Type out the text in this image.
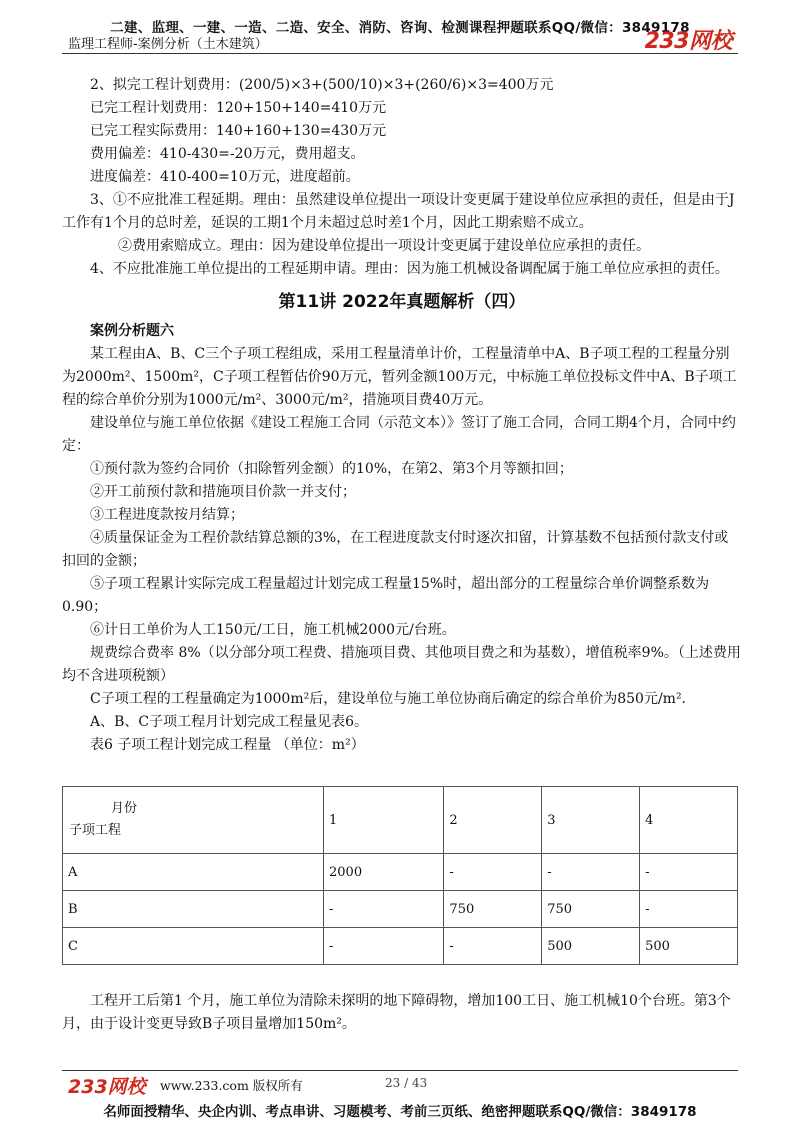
二建、监理、一建、一造、二造、安全、消防、咨询、检测课程押题联系QQ/微信：3849178
监理工程师-案例分析（土木建筑）	233网校

2、拟完工程计划费用：(200/5)×3+(500/10)×3+(260/6)×3=400万元

已完工程计划费用：120+150+140=410万元

已完工程实际费用：140+160+130=430万元

费用偏差：410-430=-20万元，费用超支。

进度偏差：410-400=10万元，进度超前。

3、①不应批准工程延期。理由：虽然建设单位提出一项设计变更属于建设单位应承担的责任，但是由于J工作有1个月的总时差，延误的工期1个月未超过总时差1个月，因此工期索赔不成立。

②费用索赔成立。理由：因为建设单位提出一项设计变更属于建设单位应承担的责任。

4、不应批准施工单位提出的工程延期申请。理由：因为施工机械设备调配属于施工单位应承担的责任。

第11讲 2022年真题解析（四）

案例分析题六

某工程由A、B、C三个子项工程组成，采用工程量清单计价，工程量清单中A、B子项工程的工程量分别为2000m²、1500m²，C子项工程暂估价90万元，暂列金额100万元，中标施工单位投标文件中A、B子项工程的综合单价分别为1000元/m²、3000元/m²，措施项目费40万元。

建设单位与施工单位依据《建设工程施工合同（示范文本）》签订了施工合同，合同工期4个月，合同中约定：

①预付款为签约合同价（扣除暂列金额）的10%，在第2、第3个月等额扣回；

②开工前预付款和措施项目价款一并支付；

③工程进度款按月结算；

④质量保证金为工程价款结算总额的3%，在工程进度款支付时逐次扣留，计算基数不包括预付款支付或扣回的金额；

⑤子项工程累计实际完成工程量超过计划完成工程量15%时，超出部分的工程量综合单价调整系数为0.90；

⑥计日工单价为人工150元/工日，施工机械2000元/台班。

规费综合费率 8%（以分部分项工程费、措施项目费、其他项目费之和为基数），增值税率9%。（上述费用均不含进项税额）

C子项工程的工程量确定为1000m²后，建设单位与施工单位协商后确定的综合单价为850元/m².

A、B、C子项工程月计划完成工程量见表6。

表6 子项工程计划完成工程量 （单位：m²）

月份
子项工程	1	2	3	4
A	2000	-	-	-
B	-	750	750	-
C	-	-	500	500

工程开工后第1 个月，施工单位为清除未探明的地下障碍物，增加100工日、施工机械10个台班。第3个月，由于设计变更导致B子项目量增加150m²。

233网校 www.233.com 版权所有	23 / 43
名师面授精华、央企内训、考点串讲、习题模考、考前三页纸、绝密押题联系QQ/微信：3849178
